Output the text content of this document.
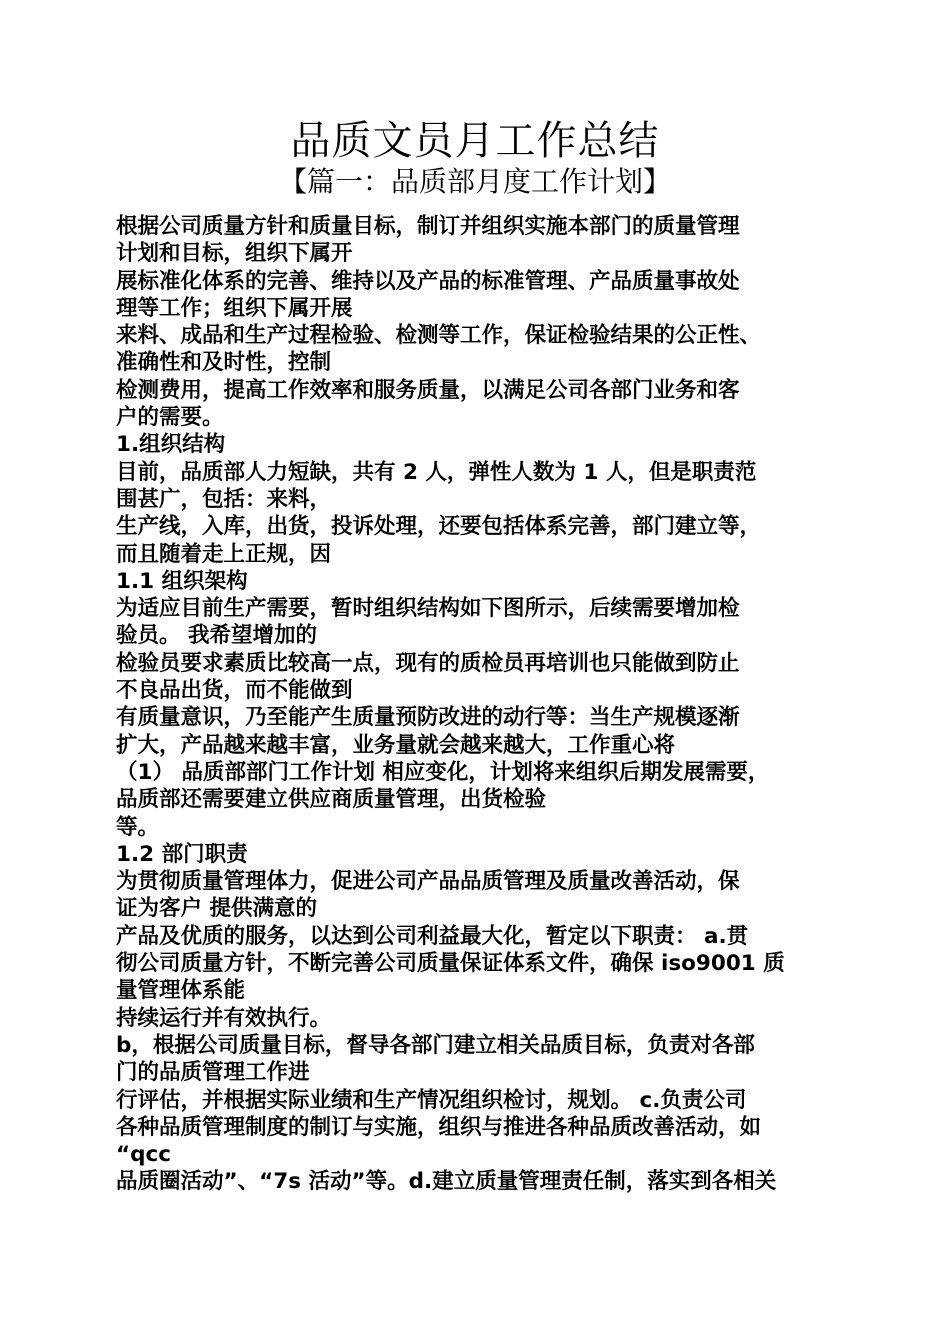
品质文员月工作总结
【篇一：品质部月度工作计划】
根据公司质量方针和质量目标，制订并组织实施本部门的质量管理
计划和目标，组织下属开
展标准化体系的完善、维持以及产品的标准管理、产品质量事故处
理等工作；组织下属开展
来料、成品和生产过程检验、检测等工作，保证检验结果的公正性、
准确性和及时性，控制
检测费用，提高工作效率和服务质量，以满足公司各部门业务和客
户的需要。
1.组织结构
目前，品质部人力短缺，共有 2 人，弹性人数为 1 人，但是职责范
围甚广，包括：来料，
生产线，入库，出货，投诉处理，还要包括体系完善，部门建立等，
而且随着走上正规，因
1.1 组织架构
为适应目前生产需要，暂时组织结构如下图所示，后续需要增加检
验员。 我希望增加的
检验员要求素质比较高一点，现有的质检员再培训也只能做到防止
不良品出货，而不能做到
有质量意识，乃至能产生质量预防改进的动行等：当生产规模逐渐
扩大，产品越来越丰富，业务量就会越来越大，工作重心将
（1） 品质部部门工作计划 相应变化，计划将来组织后期发展需要，
品质部还需要建立供应商质量管理，出货检验
等。
1.2 部门职责
为贯彻质量管理体力，促进公司产品品质管理及质量改善活动，保
证为客户 提供满意的
产品及优质的服务，以达到公司利益最大化，暂定以下职责： a.贯
彻公司质量方针，不断完善公司质量保证体系文件，确保 iso9001 质
量管理体系能
持续运行并有效执行。
b，根据公司质量目标，督导各部门建立相关品质目标，负责对各部
门的品质管理工作进
行评估，并根据实际业绩和生产情况组织检讨，规划。 c.负责公司
各种品质管理制度的制订与实施，组织与推进各种品质改善活动，如
“qcc
品质圈活动”、“7s 活动”等。d.建立质量管理责任制，落实到各相关
